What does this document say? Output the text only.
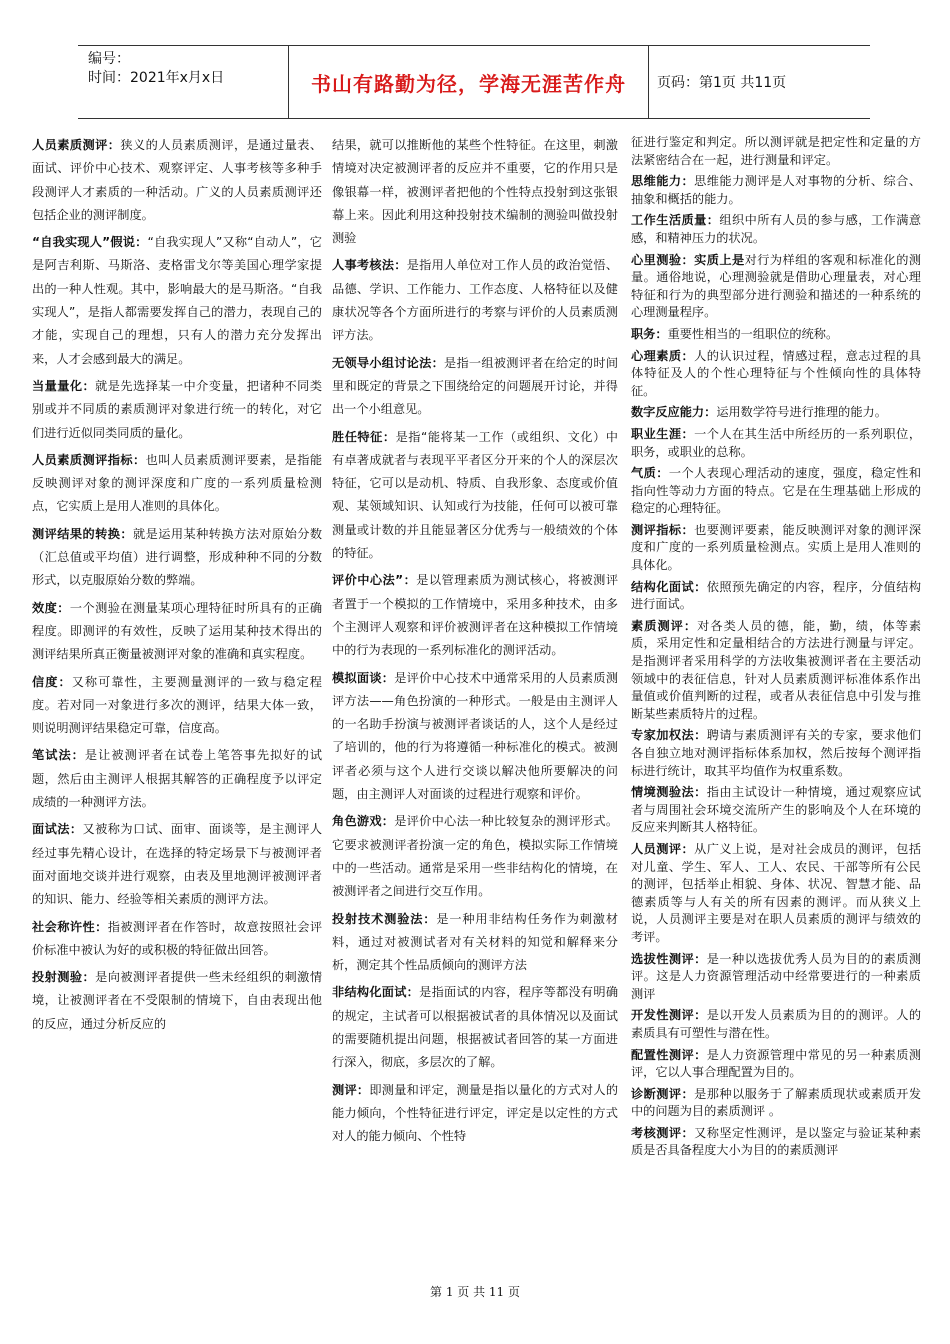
编号：
时间：2021年x月x日	书山有路勤为径，学海无涯苦作舟	页码：第1页 共11页

人员素质测评：狭义的人员素质测评，是通过量表、面试、评价中心技术、观察评定、人事考核等多种手段测评人才素质的一种活动。广义的人员素质测评还包括企业的测评制度。

“自我实现人”假说：“自我实现人”又称“自动人”，它是阿吉利斯、马斯洛、麦格雷戈尔等美国心理学家提出的一种人性观。其中，影响最大的是马斯洛。“自我实现人”，是指人都需要发挥自己的潜力，表现自己的才能，实现自己的理想，只有人的潜力充分发挥出来，人才会感到最大的满足。

当量量化：就是先选择某一中介变量，把诸种不同类别或并不同质的素质测评对象进行统一的转化，对它们进行近似同类同质的量化。

人员素质测评指标：也叫人员素质测评要素，是指能反映测评对象的测评深度和广度的一系列质量检测点，它实质上是用人准则的具体化。

测评结果的转换：就是运用某种转换方法对原始分数（汇总值或平均值）进行调整，形成种种不同的分数形式，以克服原始分数的弊端。

效度：一个测验在测量某项心理特征时所具有的正确程度。即测评的有效性，反映了运用某种技术得出的测评结果所真正衡量被测评对象的准确和真实程度。

信度：又称可靠性，主要测量测评的一致与稳定程度。若对同一对象进行多次的测评，结果大体一致，则说明测评结果稳定可靠，信度高。

笔试法：是让被测评者在试卷上笔答事先拟好的试题，然后由主测评人根据其解答的正确程度予以评定成绩的一种测评方法。

面试法：又被称为口试、面审、面谈等，是主测评人经过事先精心设计，在选择的特定场景下与被测评者面对面地交谈并进行观察，由表及里地测评被测评者的知识、能力、经验等相关素质的测评方法。

社会称许性：指被测评者在作答时，故意按照社会评价标准中被认为好的或积极的特征做出回答。

投射测验：是向被测评者提供一些未经组织的刺激情境，让被测评者在不受限制的情境下，自由表现出他的反应，通过分析反应的

结果，就可以推断他的某些个性特征。在这里，刺激情境对决定被测评者的反应并不重要，它的作用只是像银幕一样，被测评者把他的个性特点投射到这张银幕上来。因此利用这种投射技术编制的测验叫做投射测验

人事考核法：是指用人单位对工作人员的政治觉悟、品德、学识、工作能力、工作态度、人格特征以及健康状况等各个方面所进行的考察与评价的人员素质测评方法。

无领导小组讨论法：是指一组被测评者在给定的时间里和既定的背景之下围绕给定的问题展开讨论，并得出一个小组意见。

胜任特征：是指“能将某一工作（或组织、文化）中有卓著成就者与表现平平者区分开来的个人的深层次特征，它可以是动机、特质、自我形象、态度或价值观、某领域知识、认知或行为技能，任何可以被可靠测量或计数的并且能显著区分优秀与一般绩效的个体的特征。

评价中心法”：是以管理素质为测试核心，将被测评者置于一个模拟的工作情境中，采用多种技术，由多个主测评人观察和评价被测评者在这种模拟工作情境中的行为表现的一系列标准化的测评活动。

模拟面谈：是评价中心技术中通常采用的人员素质测评方法——角色扮演的一种形式。一般是由主测评人的一名助手扮演与被测评者谈话的人，这个人是经过了培训的，他的行为将遵循一种标准化的模式。被测评者必须与这个人进行交谈以解决他所要解决的问题，由主测评人对面谈的过程进行观察和评价。

角色游戏：是评价中心法一种比较复杂的测评形式。它要求被测评者扮演一定的角色，模拟实际工作情境中的一些活动。通常是采用一些非结构化的情境，在被测评者之间进行交互作用。

投射技术测验法：是一种用非结构任务作为刺激材料，通过对被测试者对有关材料的知觉和解释来分析，测定其个性品质倾向的测评方法

非结构化面试：是指面试的内容，程序等都没有明确的规定，主试者可以根据被试者的具体情况以及面试的需要随机提出问题，根据被试者回答的某一方面进行深入，彻底，多层次的了解。

测评：即测量和评定，测量是指以量化的方式对人的能力倾向，个性特征进行评定，评定是以定性的方式对人的能力倾向、个性特

征进行鉴定和判定。所以测评就是把定性和定量的方法紧密结合在一起，进行测量和评定。

思维能力：思维能力测评是人对事物的分析、综合、抽象和概括的能力。

工作生活质量：组织中所有人员的参与感，工作满意感，和精神压力的状况。

心里测验：实质上是对行为样组的客观和标准化的测量。通俗地说，心理测验就是借助心理量表，对心理特征和行为的典型部分进行测验和描述的一种系统的心理测量程序。

职务：重要性相当的一组职位的统称。

心理素质：人的认识过程，情感过程，意志过程的具体特征及人的个性心理特征与个性倾向性的具体特征。

数字反应能力：运用数学符号进行推理的能力。

职业生涯：一个人在其生活中所经历的一系列职位，职务，或职业的总称。

气质：一个人表现心理活动的速度，强度，稳定性和指向性等动力方面的特点。它是在生理基础上形成的稳定的心理特征。

测评指标：也要测评要素，能反映测评对象的测评深度和广度的一系列质量检测点。实质上是用人准则的具体化。

结构化面试：依照预先确定的内容，程序，分值结构进行面试。

素质测评：对各类人员的德，能，勤，绩，体等素质，采用定性和定量相结合的方法进行测量与评定。是指测评者采用科学的方法收集被测评者在主要活动领域中的表征信息，针对人员素质测评标准体系作出量值或价值判断的过程，或者从表征信息中引发与推断某些素质特片的过程。

专家加权法：聘请与素质测评有关的专家，要求他们各自独立地对测评指标体系加权，然后按每个测评指标进行统计，取其平均值作为权重系数。

情境测验法：指由主试设计一种情境，通过观察应试者与周围社会环境交流所产生的影响及个人在环境的反应来判断其人格特征。

人员测评：从广义上说，是对社会成员的测评，包括对儿童、学生、军人、工人、农民、干部等所有公民的测评，包括举止相貌、身体、状况、智慧才能、品德素质等与人有关的所有因素的测评。而从狭义上说，人员测评主要是对在职人员素质的测评与绩效的考评。

选拔性测评：是一种以选拔优秀人员为目的的素质测评。这是人力资源管理活动中经常要进行的一种素质测评

开发性测评：是以开发人员素质为目的的测评。人的素质具有可塑性与潜在性。

配置性测评：是人力资源管理中常见的另一种素质测评，它以人事合理配置为目的。

诊断测评：是那种以服务于了解素质现状或素质开发中的问题为目的素质测评 。

考核测评：又称坚定性测评，是以鉴定与验证某种素质是否具备程度大小为目的的素质测评

第 1 页 共 11 页
